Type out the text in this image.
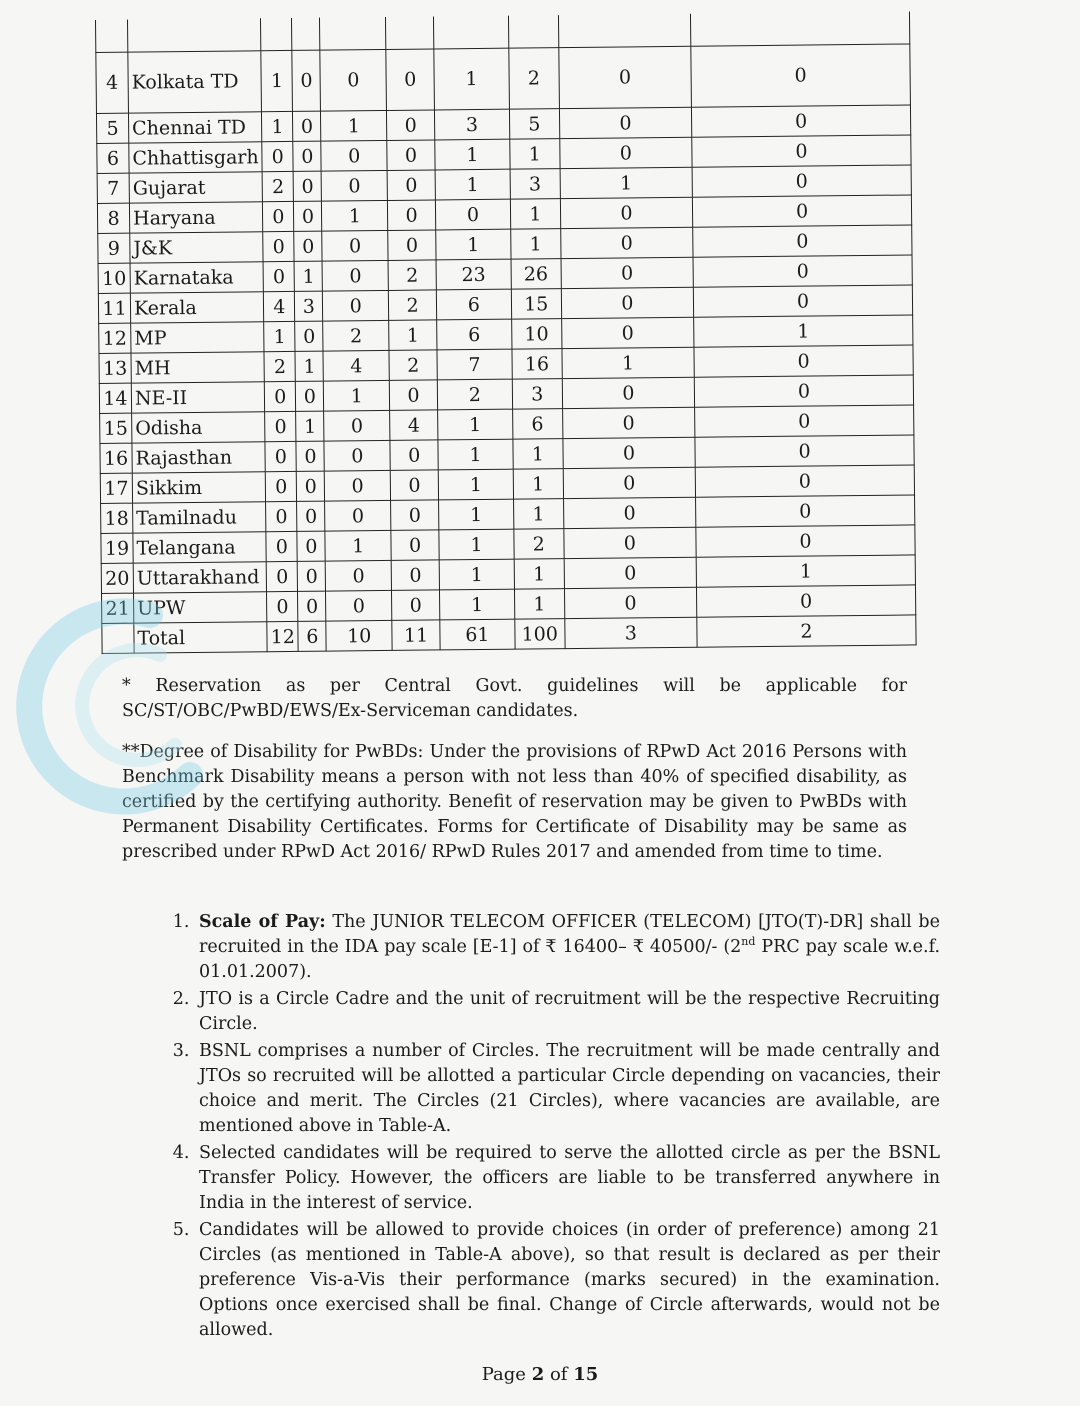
4	Kolkata TD	1	0	0	0	1	2	0	0
5	Chennai TD	1	0	1	0	3	5	0	0
6	Chhattisgarh	0	0	0	0	1	1	0	0
7	Gujarat	2	0	0	0	1	3	1	0
8	Haryana	0	0	1	0	0	1	0	0
9	J&K	0	0	0	0	1	1	0	0
10	Karnataka	0	1	0	2	23	26	0	0
11	Kerala	4	3	0	2	6	15	0	0
12	MP	1	0	2	1	6	10	0	1
13	MH	2	1	4	2	7	16	1	0
14	NE-II	0	0	1	0	2	3	0	0
15	Odisha	0	1	0	4	1	6	0	0
16	Rajasthan	0	0	0	0	1	1	0	0
17	Sikkim	0	0	0	0	1	1	0	0
18	Tamilnadu	0	0	0	0	1	1	0	0
19	Telangana	0	0	1	0	1	2	0	0
20	Uttarakhand	0	0	0	0	1	1	0	1
21	UPW	0	0	0	0	1	1	0	0
	Total	12	6	10	11	61	100	3	2
* Reservation as per Central Govt. guidelines will be applicable for SC/ST/OBC/PwBD/EWS/Ex-Serviceman candidates.
**Degree of Disability for PwBDs: Under the provisions of RPwD Act 2016 Persons with Benchmark Disability means a person with not less than 40% of specified disability, as certified by the certifying authority. Benefit of reservation may be given to PwBDs with Permanent Disability Certificates. Forms for Certificate of Disability may be same as prescribed under RPwD Act 2016/ RPwD Rules 2017 and amended from time to time.
1. Scale of Pay: The JUNIOR TELECOM OFFICER (TELECOM) [JTO(T)-DR] shall be recruited in the IDA pay scale [E-1] of ₹ 16400– ₹ 40500/- (2nd PRC pay scale w.e.f. 01.01.2007).
2. JTO is a Circle Cadre and the unit of recruitment will be the respective Recruiting Circle.
3. BSNL comprises a number of Circles. The recruitment will be made centrally and JTOs so recruited will be allotted a particular Circle depending on vacancies, their choice and merit. The Circles (21 Circles), where vacancies are available, are mentioned above in Table-A.
4. Selected candidates will be required to serve the allotted circle as per the BSNL Transfer Policy. However, the officers are liable to be transferred anywhere in India in the interest of service.
5. Candidates will be allowed to provide choices (in order of preference) among 21 Circles (as mentioned in Table-A above), so that result is declared as per their preference Vis-a-Vis their performance (marks secured) in the examination. Options once exercised shall be final. Change of Circle afterwards, would not be allowed.
Page 2 of 15
